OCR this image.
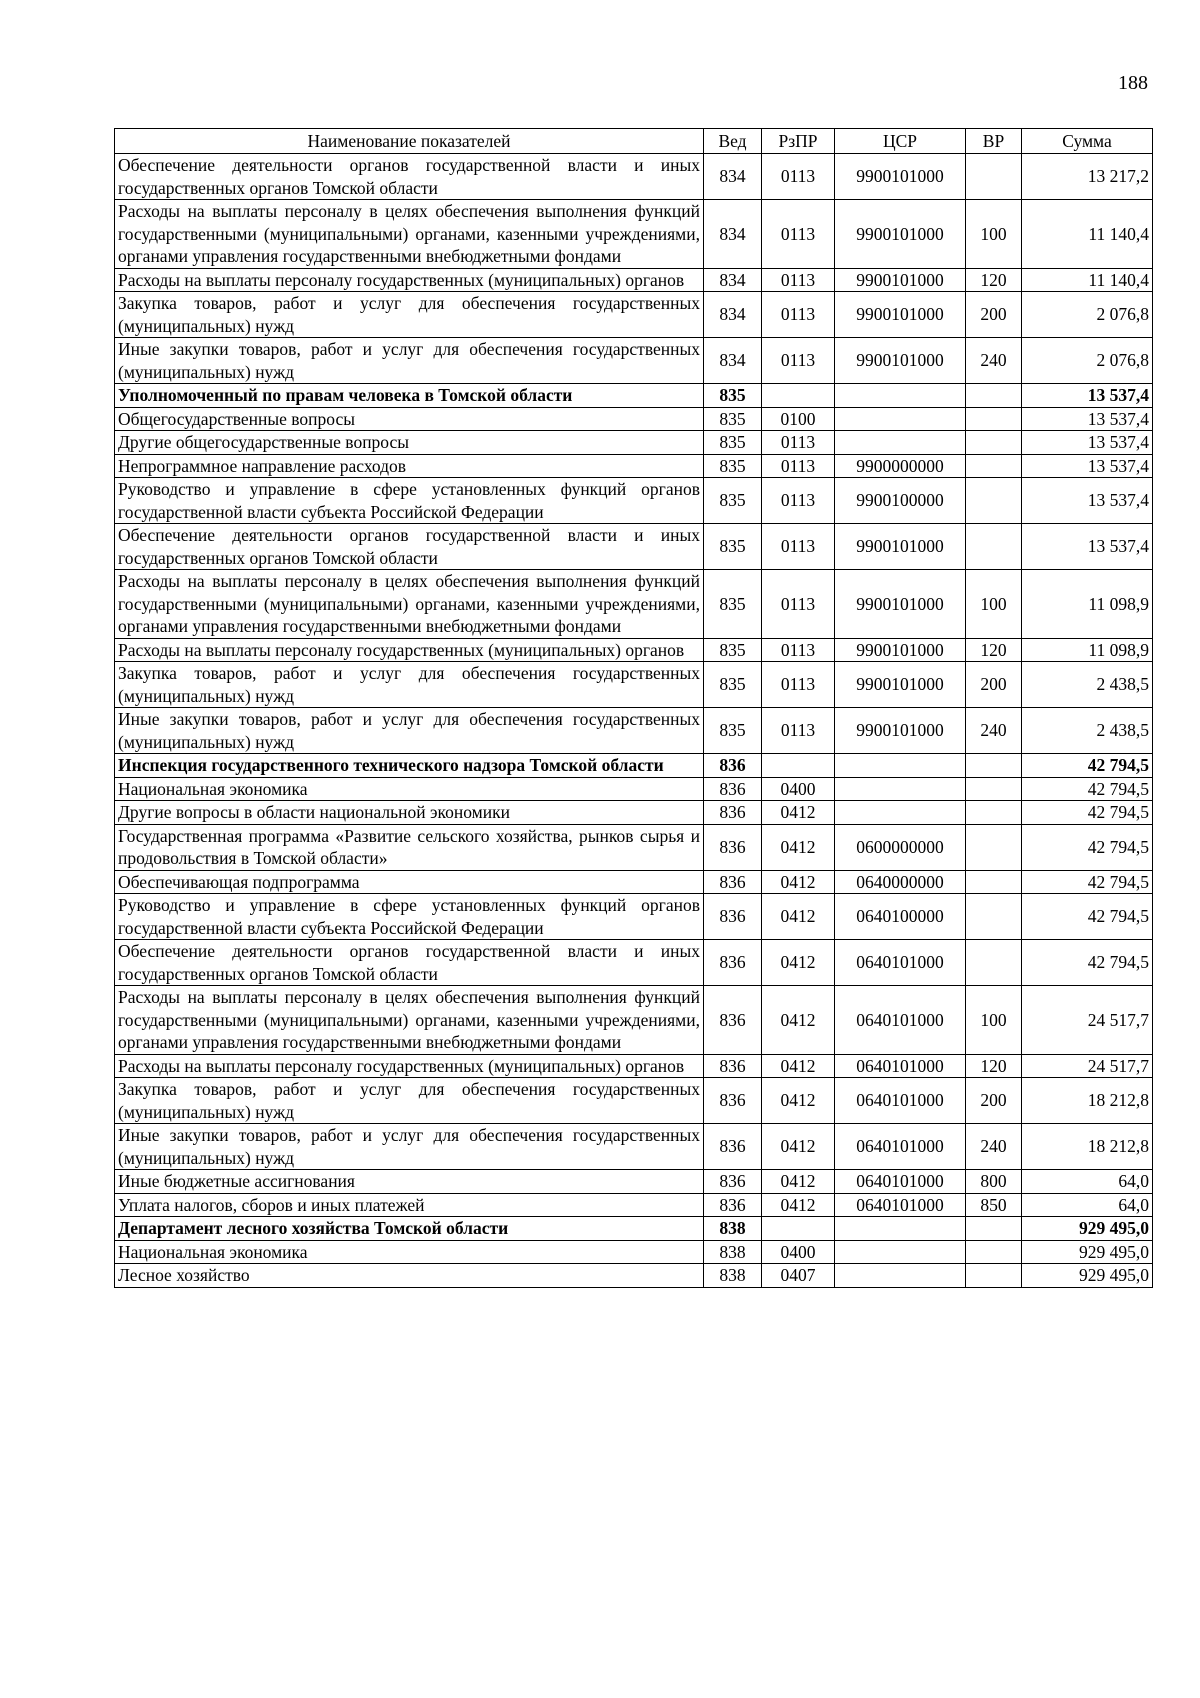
188
Наименование показателей	Вед	РзПР	ЦСР	ВР	Сумма
Обеспечение деятельности органов государственной власти и иных государственных органов Томской области	834	0113	9900101000		13 217,2
Расходы на выплаты персоналу в целях обеспечения выполнения функций государственными (муниципальными) органами, казенными учреждениями, органами управления государственными внебюджетными фондами	834	0113	9900101000	100	11 140,4
Расходы на выплаты персоналу государственных (муниципальных) органов	834	0113	9900101000	120	11 140,4
Закупка товаров, работ и услуг для обеспечения государственных (муниципальных) нужд	834	0113	9900101000	200	2 076,8
Иные закупки товаров, работ и услуг для обеспечения государственных (муниципальных) нужд	834	0113	9900101000	240	2 076,8
Уполномоченный по правам человека в Томской области	835				13 537,4
Общегосударственные вопросы	835	0100			13 537,4
Другие общегосударственные вопросы	835	0113			13 537,4
Непрограммное направление расходов	835	0113	9900000000		13 537,4
Руководство и управление в сфере установленных функций органов государственной власти субъекта Российской Федерации	835	0113	9900100000		13 537,4
Обеспечение деятельности органов государственной власти и иных государственных органов Томской области	835	0113	9900101000		13 537,4
Расходы на выплаты персоналу в целях обеспечения выполнения функций государственными (муниципальными) органами, казенными учреждениями, органами управления государственными внебюджетными фондами	835	0113	9900101000	100	11 098,9
Расходы на выплаты персоналу государственных (муниципальных) органов	835	0113	9900101000	120	11 098,9
Закупка товаров, работ и услуг для обеспечения государственных (муниципальных) нужд	835	0113	9900101000	200	2 438,5
Иные закупки товаров, работ и услуг для обеспечения государственных (муниципальных) нужд	835	0113	9900101000	240	2 438,5
Инспекция государственного технического надзора Томской области	836				42 794,5
Национальная экономика	836	0400			42 794,5
Другие вопросы в области национальной экономики	836	0412			42 794,5
Государственная программа «Развитие сельского хозяйства, рынков сырья и продовольствия в Томской области»	836	0412	0600000000		42 794,5
Обеспечивающая подпрограмма	836	0412	0640000000		42 794,5
Руководство и управление в сфере установленных функций органов государственной власти субъекта Российской Федерации	836	0412	0640100000		42 794,5
Обеспечение деятельности органов государственной власти и иных государственных органов Томской области	836	0412	0640101000		42 794,5
Расходы на выплаты персоналу в целях обеспечения выполнения функций государственными (муниципальными) органами, казенными учреждениями, органами управления государственными внебюджетными фондами	836	0412	0640101000	100	24 517,7
Расходы на выплаты персоналу государственных (муниципальных) органов	836	0412	0640101000	120	24 517,7
Закупка товаров, работ и услуг для обеспечения государственных (муниципальных) нужд	836	0412	0640101000	200	18 212,8
Иные закупки товаров, работ и услуг для обеспечения государственных (муниципальных) нужд	836	0412	0640101000	240	18 212,8
Иные бюджетные ассигнования	836	0412	0640101000	800	64,0
Уплата налогов, сборов и иных платежей	836	0412	0640101000	850	64,0
Департамент лесного хозяйства Томской области	838				929 495,0
Национальная экономика	838	0400			929 495,0
Лесное хозяйство	838	0407			929 495,0
